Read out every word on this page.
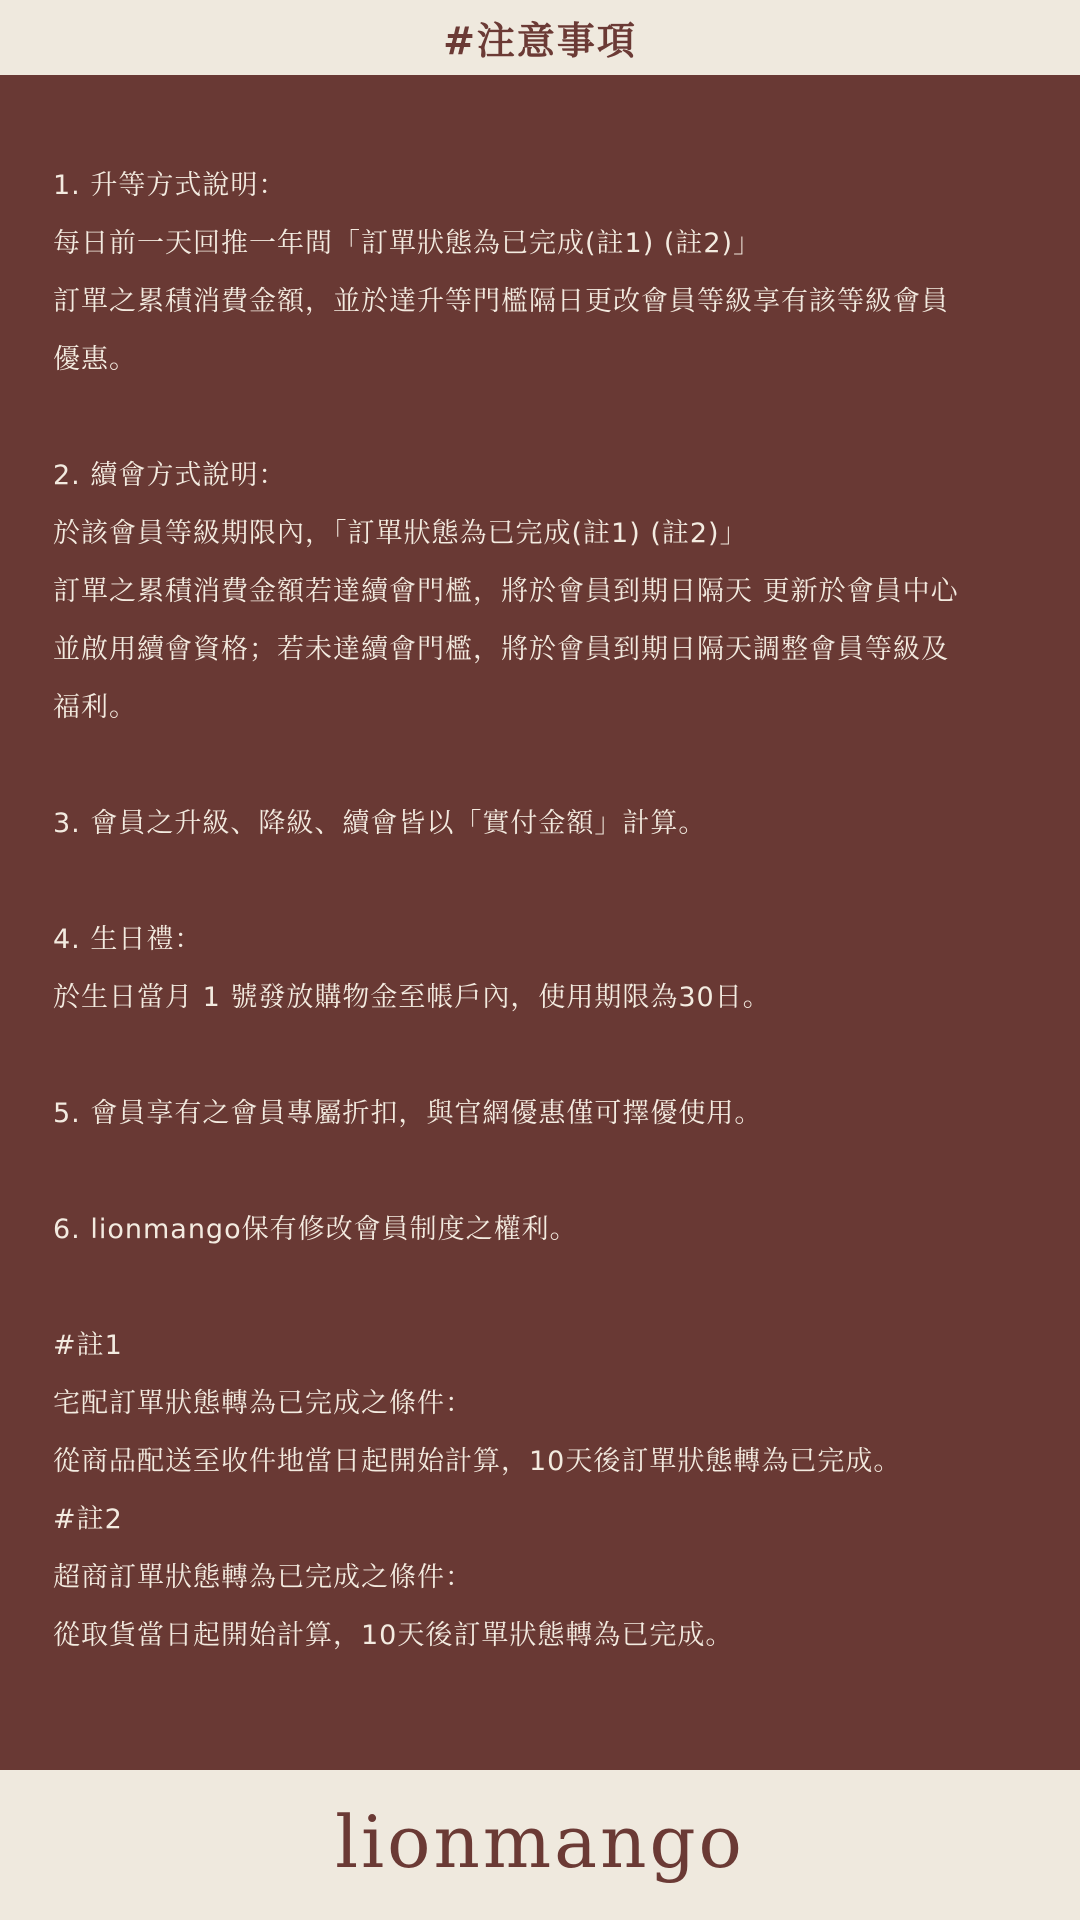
#注意事項
1. 升等方式說明：
每日前一天回推一年間「訂單狀態為已完成(註1) (註2)」
訂單之累積消費金額，並於達升等門檻隔日更改會員等級享有該等級會員
優惠。
2. 續會方式說明：
於該會員等級期限內，「訂單狀態為已完成(註1) (註2)」
訂單之累積消費金額若達續會門檻，將於會員到期日隔天 更新於會員中心
並啟用續會資格；若未達續會門檻，將於會員到期日隔天調整會員等級及
福利。
3. 會員之升級、降級、續會皆以「實付金額」計算。
4. 生日禮：
於生日當月 1 號發放購物金至帳戶內，使用期限為30日。
5. 會員享有之會員專屬折扣，與官網優惠僅可擇優使用。
6. lionmango保有修改會員制度之權利。
#註1
宅配訂單狀態轉為已完成之條件：
從商品配送至收件地當日起開始計算，10天後訂單狀態轉為已完成。
#註2
超商訂單狀態轉為已完成之條件：
從取貨當日起開始計算，10天後訂單狀態轉為已完成。
lionmango
